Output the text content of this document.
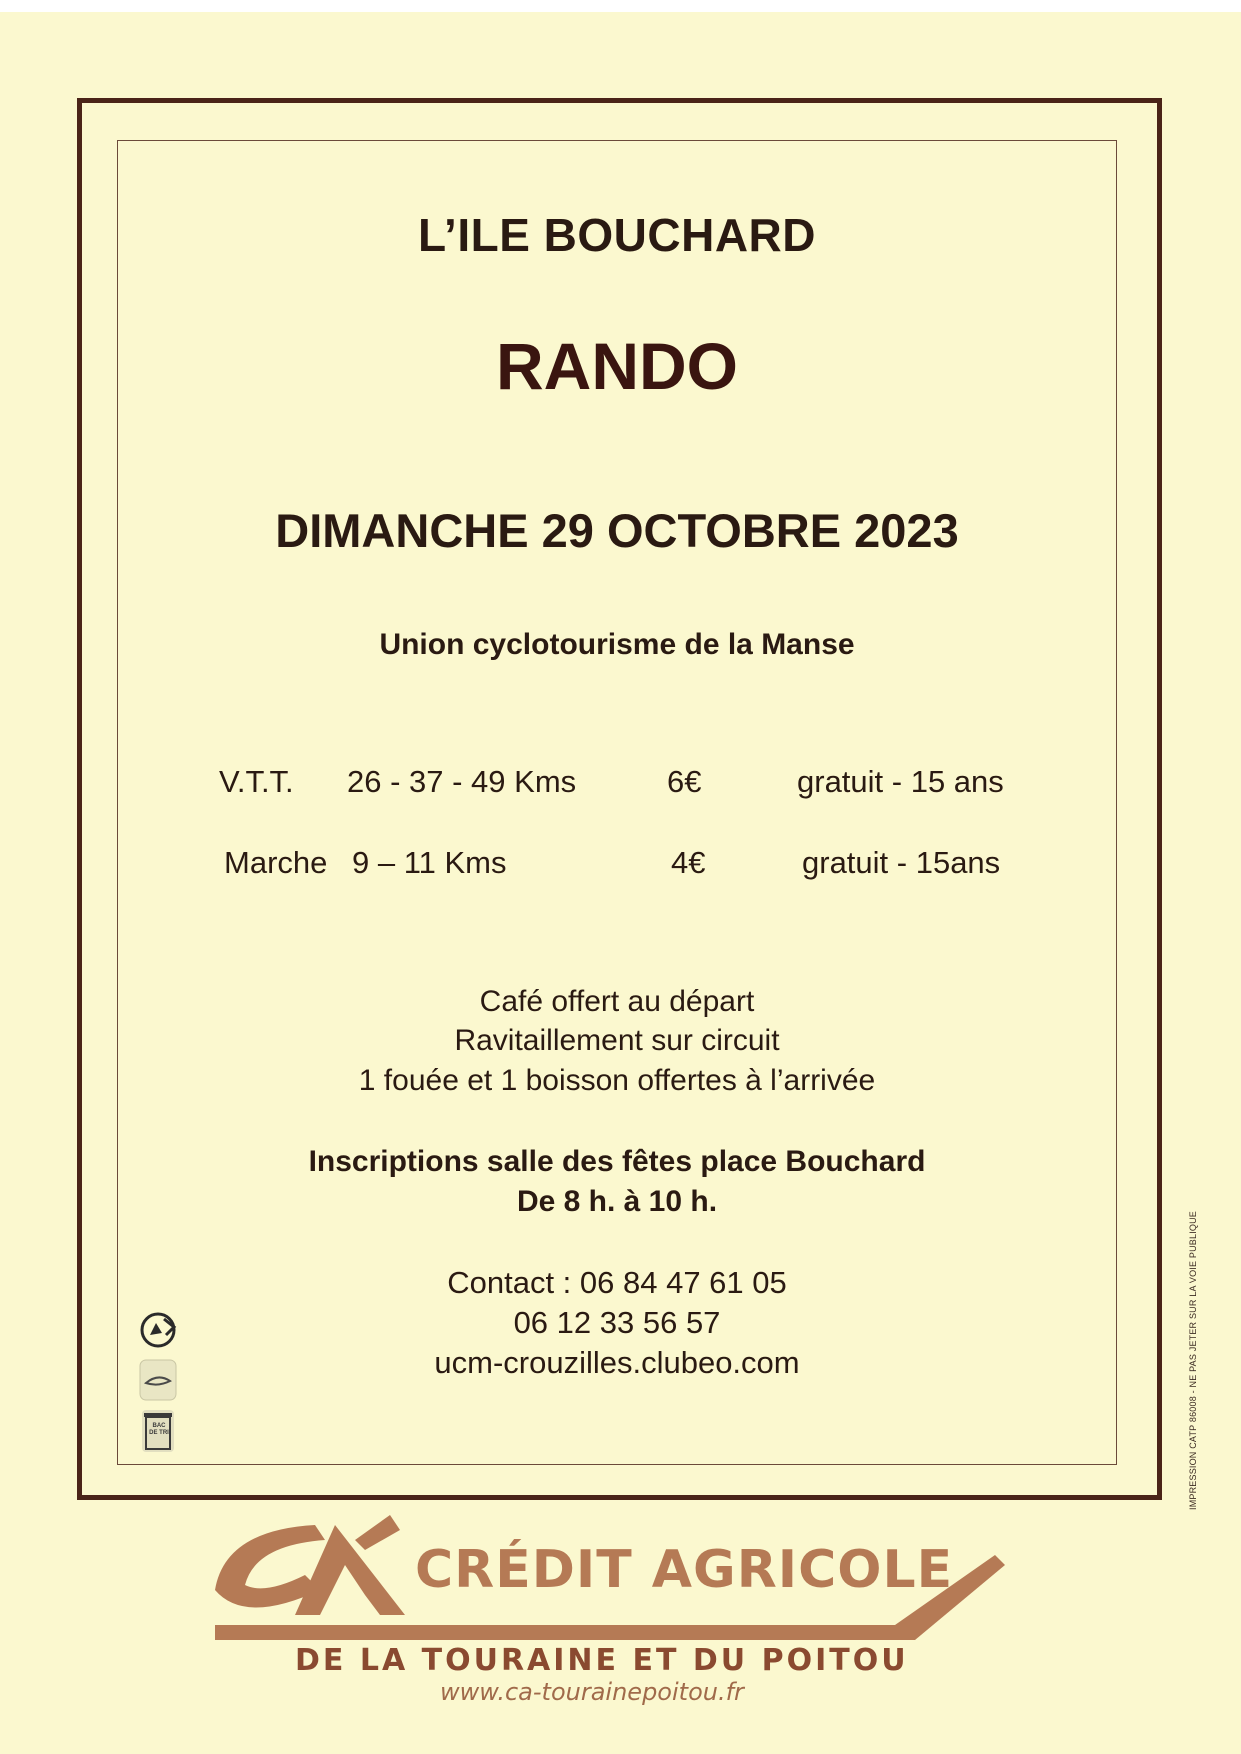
L’ILE BOUCHARD
RANDO
DIMANCHE 29 OCTOBRE 2023
Union cyclotourisme de la Manse
V.T.T. 26 - 37 - 49 Kms	6€	gratuit - 15 ans
Marche 9 – 11 Kms	4€	gratuit - 15ans
Café offert au départ
Ravitaillement sur circuit
1 fouée et 1 boisson offertes à l’arrivée
Inscriptions salle des fêtes place Bouchard
De 8 h. à 10 h.
Contact : 06 84 47 61 05
06 12 33 56 57
ucm-crouzilles.clubeo.com
BAC DE TRI	IMPRESSION CATP 86008 - NE PAS JETER SUR LA VOIE PUBLIQUE
CRÉDIT AGRICOLE
DE LA TOURAINE ET DU POITOU
www.ca-tourainepoitou.fr
